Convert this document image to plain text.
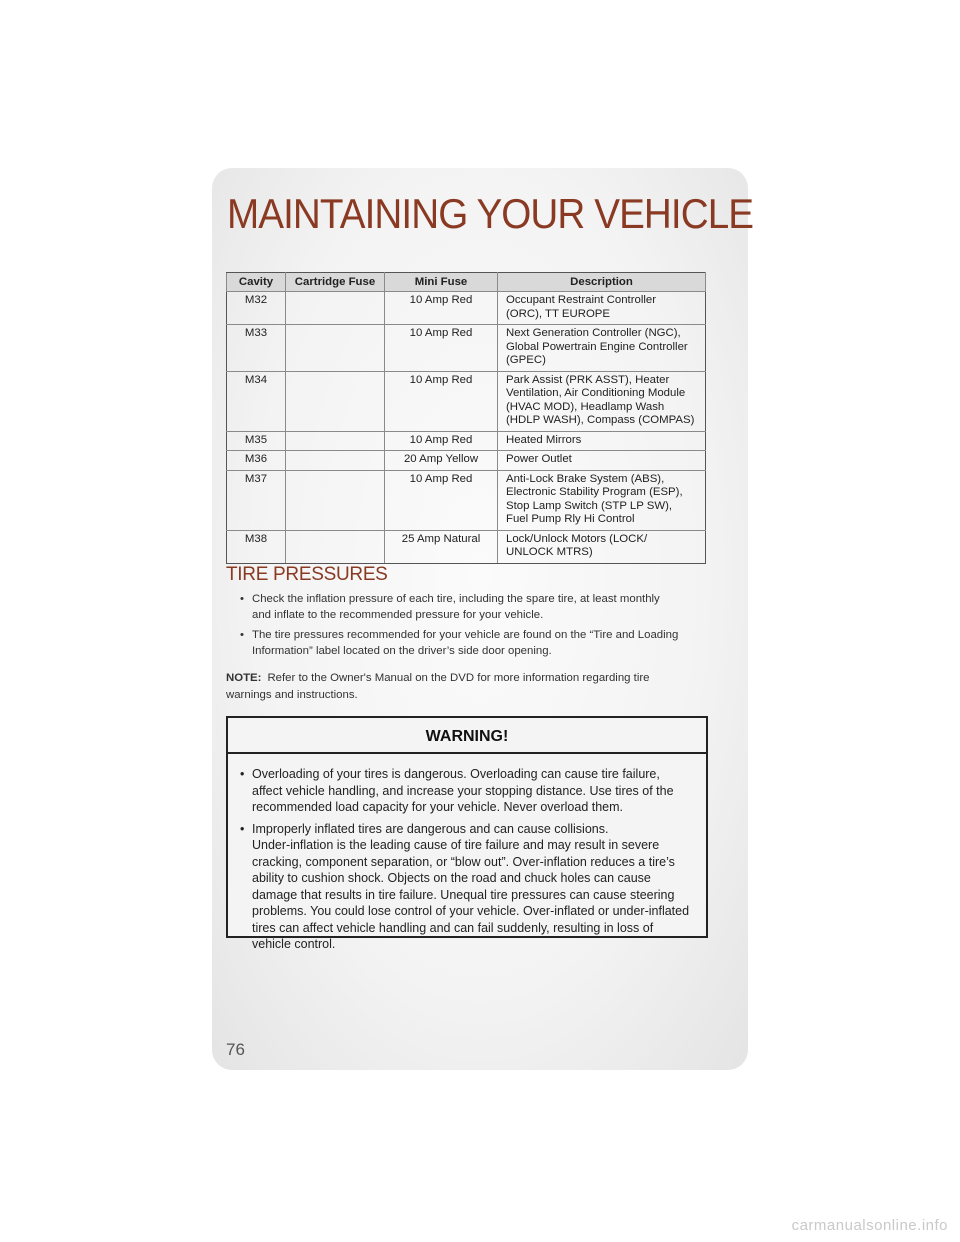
MAINTAINING YOUR VEHICLE
Cavity	Cartridge Fuse	Mini Fuse	Description
M32		10 Amp Red	Occupant Restraint Controller
(ORC), TT EUROPE

M33		10 Amp Red	Next Generation Controller (NGC),
Global Powertrain Engine Controller
(GPEC)

M34		10 Amp Red	Park Assist (PRK ASST), Heater
Ventilation, Air Conditioning Module
(HVAC MOD), Headlamp Wash
(HDLP WASH), Compass (COMPAS)

M35		10 Amp Red	Heated Mirrors

M36		20 Amp Yellow	Power Outlet

M37		10 Amp Red	Anti-Lock Brake System (ABS),
Electronic Stability Program (ESP),
Stop Lamp Switch (STP LP SW),
Fuel Pump Rly Hi Control

M38		25 Amp Natural	Lock/Unlock Motors (LOCK/
UNLOCK MTRS)
TIRE PRESSURES
• Check the inflation pressure of each tire, including the spare tire, at least monthly
and inflate to the recommended pressure for your vehicle.
• The tire pressures recommended for your vehicle are found on the “Tire and Loading
Information” label located on the driver’s side door opening.
NOTE: Refer to the Owner's Manual on the DVD for more information regarding tire
warnings and instructions.
WARNING!
• Overloading of your tires is dangerous. Overloading can cause tire failure,
affect vehicle handling, and increase your stopping distance. Use tires of the
recommended load capacity for your vehicle. Never overload them.
• Improperly inflated tires are dangerous and can cause collisions.
Under-inflation is the leading cause of tire failure and may result in severe
cracking, component separation, or “blow out”. Over-inflation reduces a tire’s
ability to cushion shock. Objects on the road and chuck holes can cause
damage that results in tire failure. Unequal tire pressures can cause steering
problems. You could lose control of your vehicle. Over-inflated or under-inflated
tires can affect vehicle handling and can fail suddenly, resulting in loss of
vehicle control.
76
carmanualsonline.info
